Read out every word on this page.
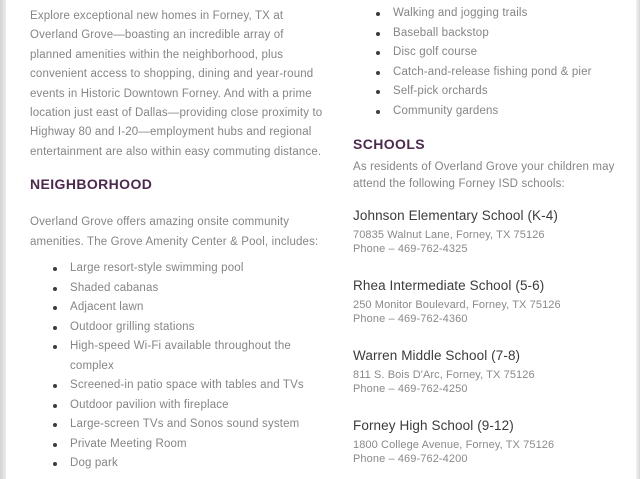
Explore exceptional new homes in Forney, TX at Overland Grove—boasting an incredible array of planned amenities within the neighborhood, plus convenient access to shopping, dining and year-round events in Historic Downtown Forney. And with a prime location just east of Dallas—providing close proximity to Highway 80 and I-20—employment hubs and regional entertainment are also within easy commuting distance.

NEIGHBORHOOD

Overland Grove offers amazing onsite community amenities. The Grove Amenity Center & Pool, includes:

Large resort-style swimming pool
Shaded cabanas
Adjacent lawn
Outdoor grilling stations
High-speed Wi-Fi available throughout the complex
Screened-in patio space with tables and TVs
Outdoor pavilion with fireplace
Large-screen TVs and Sonos sound system
Private Meeting Room
Dog park
Walking and jogging trails
Baseball backstop
Disc golf course
Catch-and-release fishing pond & pier
Self-pick orchards
Community gardens
SCHOOLS

As residents of Overland Grove your children may attend the following Forney ISD schools:

Johnson Elementary School (K-4)
70835 Walnut Lane, Forney, TX 75126
Phone – 469-762-4325
Rhea Intermediate School (5-6)
250 Monitor Boulevard, Forney, TX 75126
Phone – 469-762-4360
Warren Middle School (7-8)
811 S. Bois D'Arc, Forney, TX 75126
Phone – 469-762-4250
Forney High School (9-12)
1800 College Avenue, Forney, TX 75126
Phone – 469-762-4200
